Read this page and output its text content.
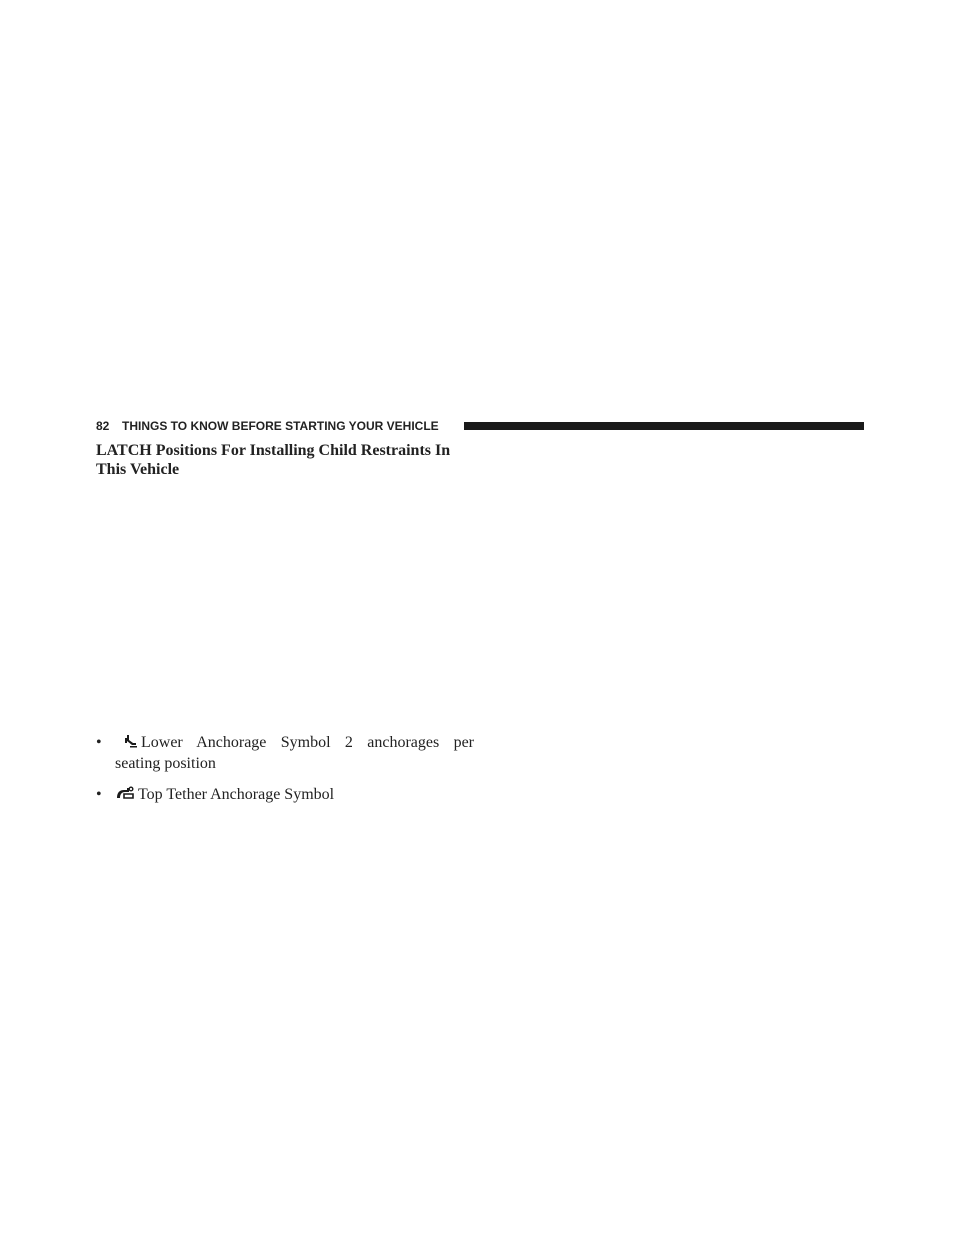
82 THINGS TO KNOW BEFORE STARTING YOUR VEHICLE
LATCH Positions For Installing Child Restraints In This Vehicle
•	Lower Anchorage Symbol 2 anchorages per
seating position
• Top Tether Anchorage Symbol
